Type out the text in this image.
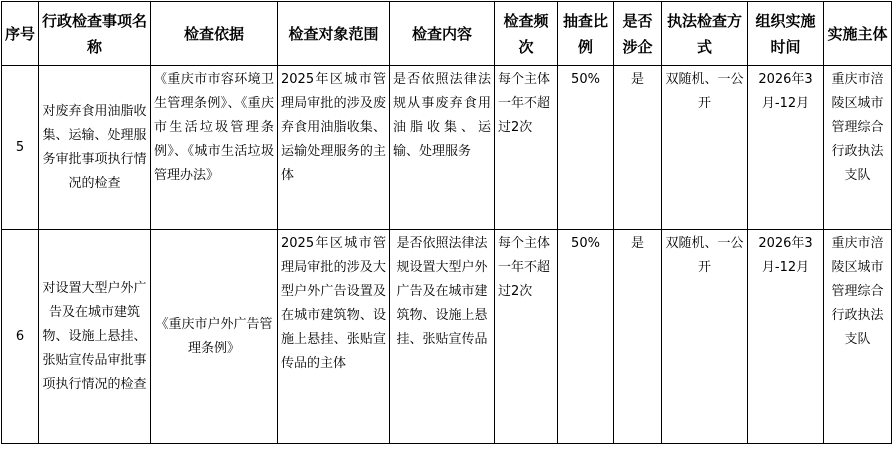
序号	行政检查事项名称	检查依据	检查对象范围	检查内容	检查频次	抽查比例	是否涉企	执法检查方式	组织实施时间	实施主体
5	对废弃食用油脂收集、运输、处理服务审批事项执行情况的检查	《重庆市市容环境卫生管理条例》、《重庆市生活垃圾管理条例》、《城市生活垃圾管理办法》	2025年区城市管理局审批的涉及废弃食用油脂收集、运输处理服务的主体	是否依照法律法规从事废弃食用油脂收集、运输、处理服务	每个主体一年不超过2次	50%	是	双随机、一公开	2026年3月-12月	重庆市涪陵区城市管理综合行政执法支队
6	对设置大型户外广告及在城市建筑物、设施上悬挂、张贴宣传品审批事项执行情况的检查	《重庆市户外广告管理条例》	2025年区城市管理局审批的涉及大型户外广告设置及在城市建筑物、设施上悬挂、张贴宣传品的主体	是否依照法律法规设置大型户外广告及在城市建筑物、设施上悬挂、张贴宣传品	每个主体一年不超过2次	50%	是	双随机、一公开	2026年3月-12月	重庆市涪陵区城市管理综合行政执法支队
